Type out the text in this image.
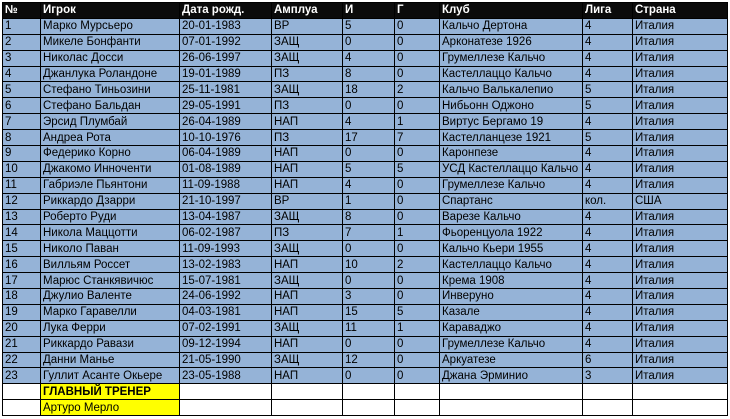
№	Игрок	Дата рожд.	Амплуа	И	Г	Клуб	Лига	Страна
1	Марко Мурсьеро	20-01-1983	ВР	5	0	Кальчо Дертона	4	Италия
2	Микеле Бонфанти	07-01-1992	ЗАЩ	0	0	Арконатезе 1926	4	Италия
3	Николас Досси	26-06-1997	ЗАЩ	4	0	Грумеллезе Кальчо	4	Италия
4	Джанлука Роландоне	19-01-1989	ПЗ	8	0	Кастеллаццо Кальчо	4	Италия
5	Стефано Тиньозини	25-11-1981	ЗАЩ	18	2	Кальчо Валькалепио	5	Италия
6	Стефано Бальдан	29-05-1991	ПЗ	0	0	Нибьонн Оджоно	5	Италия
7	Эрсид Плумбай	26-04-1989	НАП	4	1	Виртус Бергамо 19	4	Италия
8	Андреа Рота	10-10-1976	ПЗ	17	7	Кастелланцезе 1921	5	Италия
9	Федерико Корно	06-04-1989	НАП	0	0	Каронпезе	4	Италия
10	Джакомо Инноченти	01-08-1989	НАП	5	5	УСД Кастеллаццо Кальчо	4	Италия
11	Габриэле Пьянтони	11-09-1988	НАП	4	0	Грумеллезе Кальчо	4	Италия
12	Риккардо Дзарри	21-10-1997	ВР	1	0	Спартанс	кол.	США
13	Роберто Руди	13-04-1987	ЗАЩ	8	0	Варезе Кальчо	4	Италия
14	Никола Маццотти	06-02-1987	ПЗ	7	1	Фьоренцуола 1922	4	Италия
15	Николо Паван	11-09-1993	ЗАЩ	0	0	Кальчо Кьери 1955	4	Италия
16	Вилльям Россет	13-02-1983	НАП	10	2	Кастеллаццо Кальчо	4	Италия
17	Марюс Станкявичюс	15-07-1981	ЗАЩ	0	0	Крема 1908	4	Италия
18	Джулио Валенте	24-06-1992	НАП	3	0	Инверуно	4	Италия
19	Марко Гаравелли	04-03-1981	НАП	15	5	Казале	4	Италия
20	Лука Ферри	07-02-1991	ЗАЩ	11	1	Караваджо	4	Италия
21	Риккардо Равази	09-12-1994	НАП	0	0	Грумеллезе Кальчо	4	Италия
22	Данни Манье	21-05-1990	ЗАЩ	12	0	Аркуатезе	6	Италия
23	Гуллит Асанте Окьере	23-05-1988	НАП	0	0	Джана Эрминио	3	Италия
	ГЛАВНЫЙ ТРЕНЕР							
	Артуро Мерло							
